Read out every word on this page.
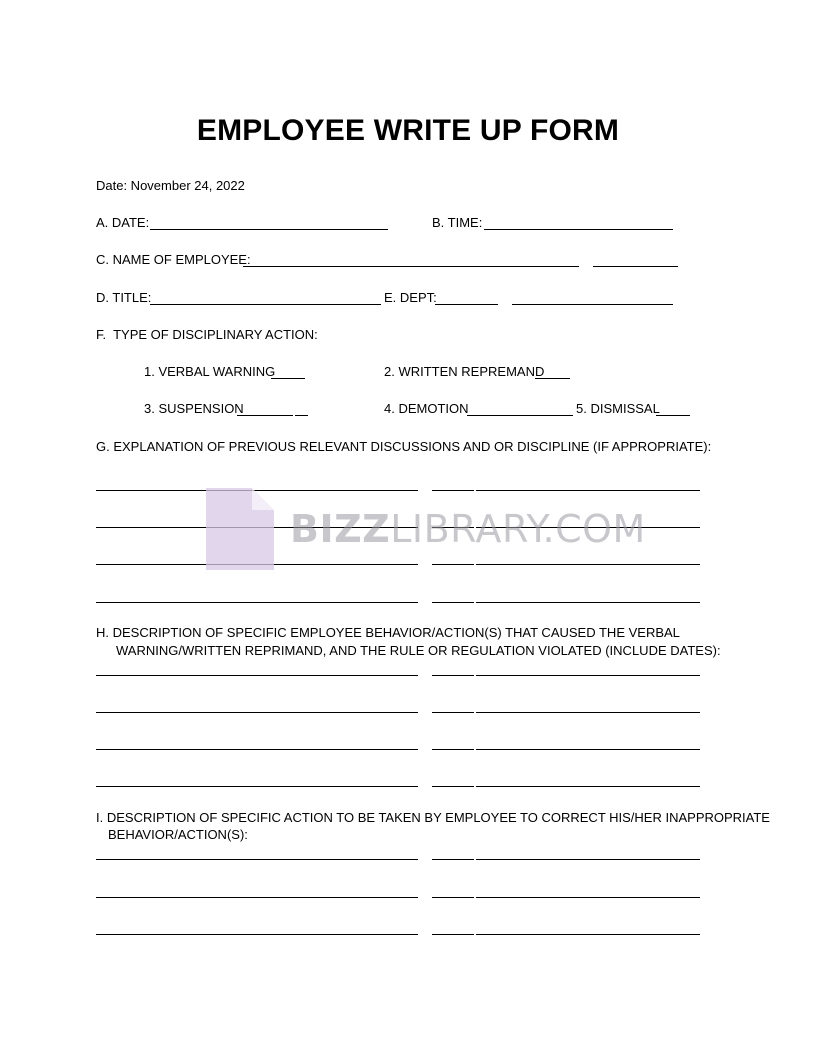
EMPLOYEE WRITE UP FORM
Date: November 24, 2022
A. DATE:	B. TIME:
C. NAME OF EMPLOYEE:
D. TITLE:	E. DEPT:
F.  TYPE OF DISCIPLINARY ACTION:
1. VERBAL WARNING	2. WRITTEN REPREMAND
3. SUSPENSION	4. DEMOTION	5. DISMISSAL
G. EXPLANATION OF PREVIOUS RELEVANT DISCUSSIONS AND OR DISCIPLINE (IF APPROPRIATE):
H. DESCRIPTION OF SPECIFIC EMPLOYEE BEHAVIOR/ACTION(S) THAT CAUSED THE VERBAL
WARNING/WRITTEN REPRIMAND, AND THE RULE OR REGULATION VIOLATED (INCLUDE DATES):
I. DESCRIPTION OF SPECIFIC ACTION TO BE TAKEN BY EMPLOYEE TO CORRECT HIS/HER INAPPROPRIATE
BEHAVIOR/ACTION(S):
BIZZLIBRARY.COM
